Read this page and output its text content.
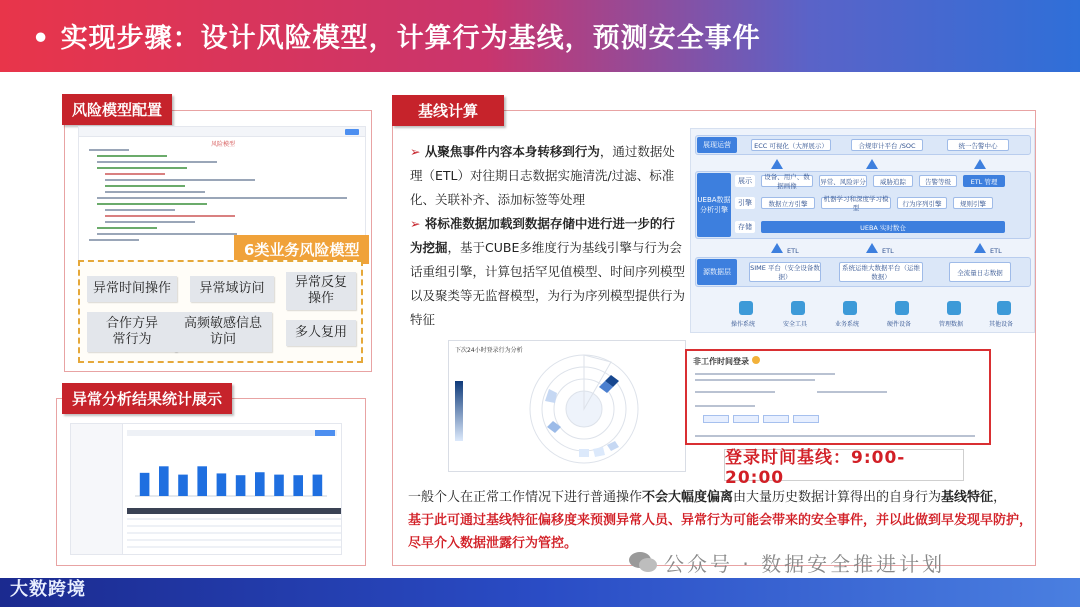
• 实现步骤：设计风险模型，计算行为基线，预测安全事件
风险模型配置
风险模型
6类业务风险模型
异常时间操作	异常域访问	异常反复操作
合作方异常行为
高频敏感信息访问	多人复用
异常分析结果统计展示
基线计算
➢ 从聚焦事件内容本身转移到行为，通过数据处理（ETL）对往期日志数据实施清洗/过滤、标准化、关联补齐、添加标签等处理
➢ 将标准数据加载到数据存储中进行进一步的行为挖掘，基于CUBE多维度行为基线引擎与行为会话重组引擎，计算包括罕见值模型、时间序列模型以及聚类等无监督模型，为行为序列模型提供行为特征
展现运营	ECC 可视化（大屏展示）	合规审计平台 /SOC	统一告警中心
UEBA数据分析引擎
展示	设备、用户、数据画像
异常、风险评分	威胁追踪	告警等级	ETL 管理
引擎	数据立方引擎
机器学习和深度学习模型
行为序列引擎	规则引擎
存储	UEBA 实时数仓
ETL	ETL	ETL
源数据层	SIME 平台（安全设备数据）
系统运维大数据平台（运维数据）
全流量日志数据
操作系统	安全工具	业务系统	硬件设备	管理数据	其他设备
下次24小时登录行为分析
非工作时间登录
登录时间基线：9:00-20:00
一般个人在正常工作情况下进行普通操作不会大幅度偏离由大量历史数据计算得出的自身行为基线特征，
基于此可通过基线特征偏移度来预测异常人员、异常行为可能会带来的安全事件，并以此做到早发现早防护，尽早介入数据泄露行为管控。
公众号 · 数据安全推进计划
大数跨境
